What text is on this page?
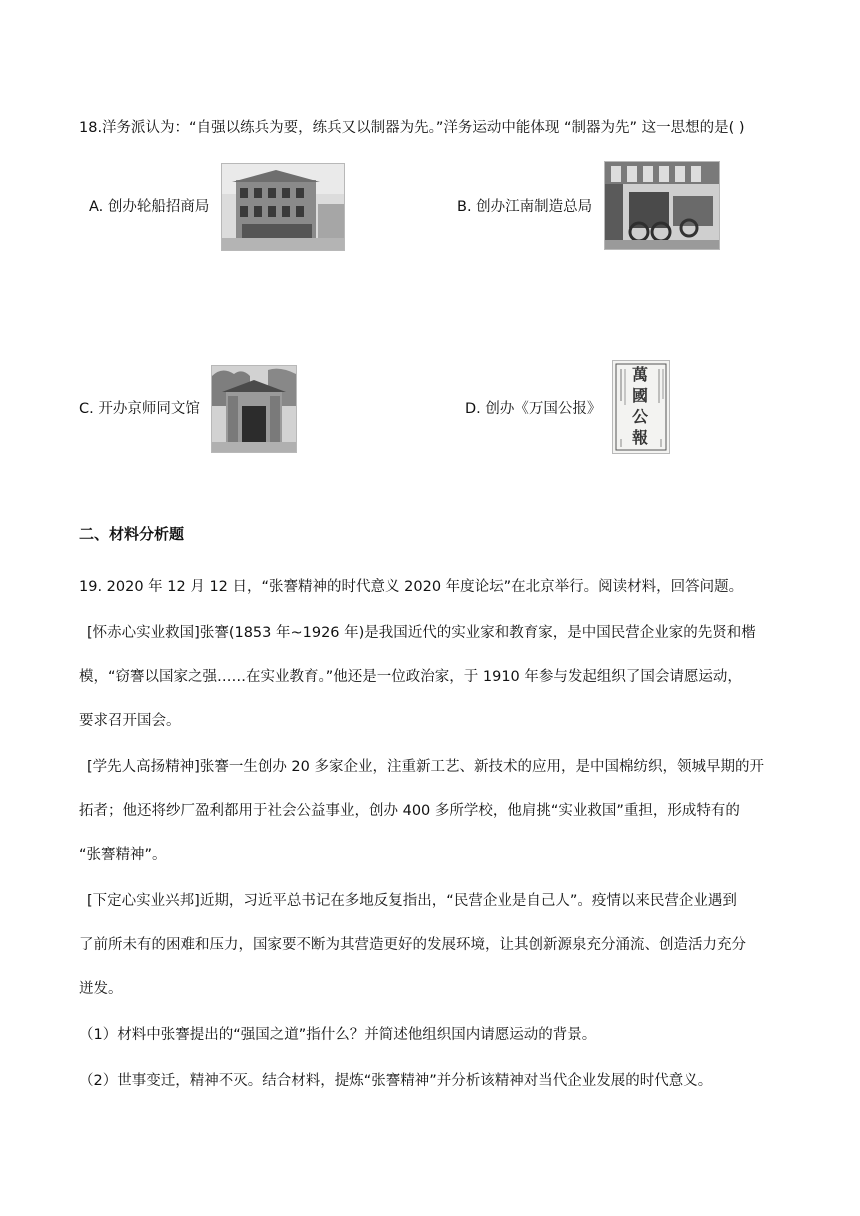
18.洋务派认为：“自强以练兵为要，练兵又以制器为先。”洋务运动中能体现 “制器为先” 这一思想的是( )
A. 创办轮船招商局	B. 创办江南制造总局
C. 开办京师同文馆	D. 创办《万国公报》
萬國公報
二、材料分析题
19. 2020 年 12 月 12 日，“张謇精神的时代意义 2020 年度论坛”在北京举行。阅读材料，回答问题。
[怀赤心实业救国]张謇(1853 年~1926 年)是我国近代的实业家和教育家，是中国民营企业家的先贤和楷
模，“窃謇以国家之强……在实业教育。”他还是一位政治家，于 1910 年参与发起组织了国会请愿运动，
要求召开国会。
[学先人高扬精神]张謇一生创办 20 多家企业，注重新工艺、新技术的应用，是中国棉纺织，领城早期的开
拓者；他还将纱厂盈利都用于社会公益事业，创办 400 多所学校，他肩挑“实业救国”重担，形成特有的
“张謇精神”。
[下定心实业兴邦]近期，习近平总书记在多地反复指出，“民营企业是自己人”。疫情以来民营企业遇到
了前所未有的困难和压力，国家要不断为其营造更好的发展环境，让其创新源泉充分涌流、创造活力充分
迸发。
（1）材料中张謇提出的“强国之道”指什么？并简述他组织国内请愿运动的背景。
（2）世事变迁，精神不灭。结合材料，提炼“张謇精神”并分析该精神对当代企业发展的时代意义。
